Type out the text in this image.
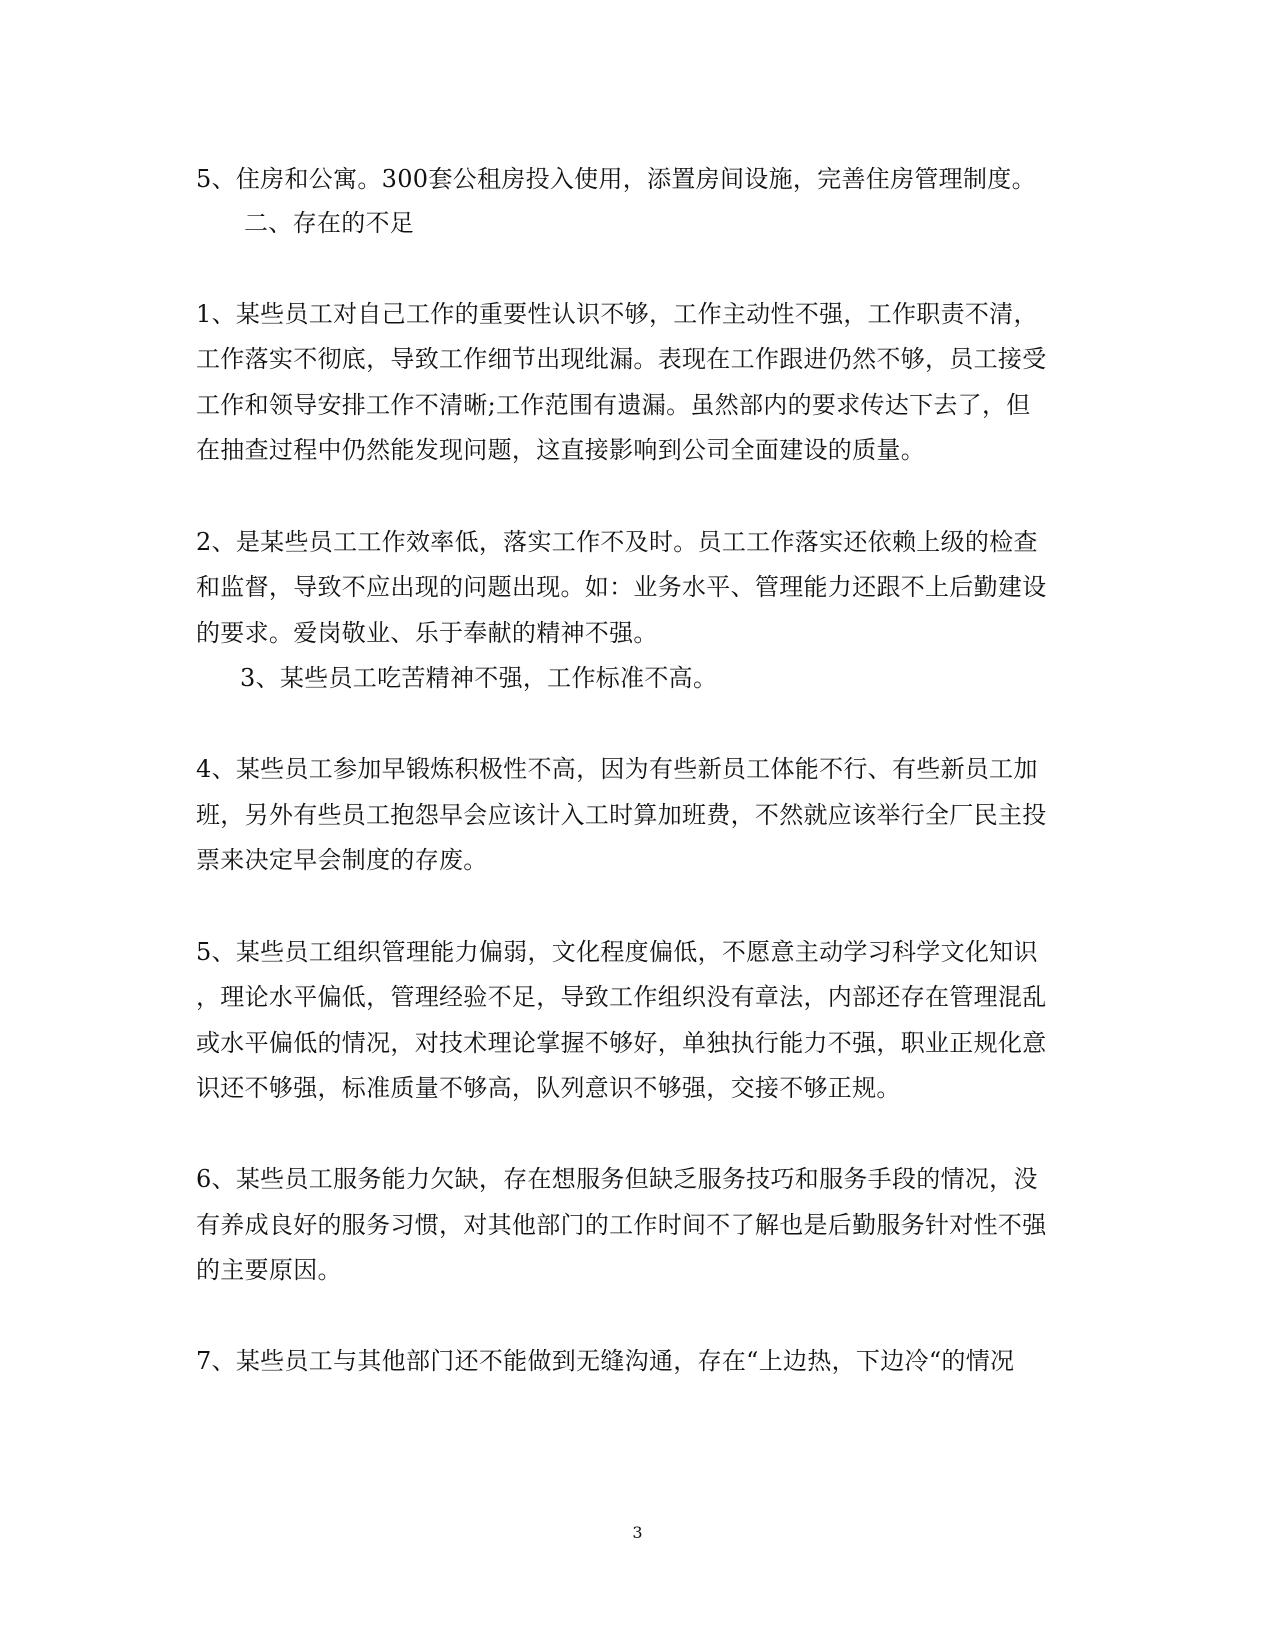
5、住房和公寓。300套公租房投入使用，添置房间设施，完善住房管理制度。

二、存在的不足

1、某些员工对自己工作的重要性认识不够，工作主动性不强，工作职责不清，

工作落实不彻底，导致工作细节出现纰漏。表现在工作跟进仍然不够，员工接受

工作和领导安排工作不清晰;工作范围有遗漏。虽然部内的要求传达下去了，但

在抽查过程中仍然能发现问题，这直接影响到公司全面建设的质量。

2、是某些员工工作效率低，落实工作不及时。员工工作落实还依赖上级的检查

和监督，导致不应出现的问题出现。如：业务水平、管理能力还跟不上后勤建设

的要求。爱岗敬业、乐于奉献的精神不强。

3、某些员工吃苦精神不强，工作标准不高。

4、某些员工参加早锻炼积极性不高，因为有些新员工体能不行、有些新员工加

班，另外有些员工抱怨早会应该计入工时算加班费，不然就应该举行全厂民主投

票来决定早会制度的存废。

5、某些员工组织管理能力偏弱，文化程度偏低，不愿意主动学习科学文化知识

，理论水平偏低，管理经验不足，导致工作组织没有章法，内部还存在管理混乱

或水平偏低的情况，对技术理论掌握不够好，单独执行能力不强，职业正规化意

识还不够强，标准质量不够高，队列意识不够强，交接不够正规。

6、某些员工服务能力欠缺，存在想服务但缺乏服务技巧和服务手段的情况，没

有养成良好的服务习惯，对其他部门的工作时间不了解也是后勤服务针对性不强

的主要原因。

7、某些员工与其他部门还不能做到无缝沟通，存在“上边热，下边冷“的情况

3
